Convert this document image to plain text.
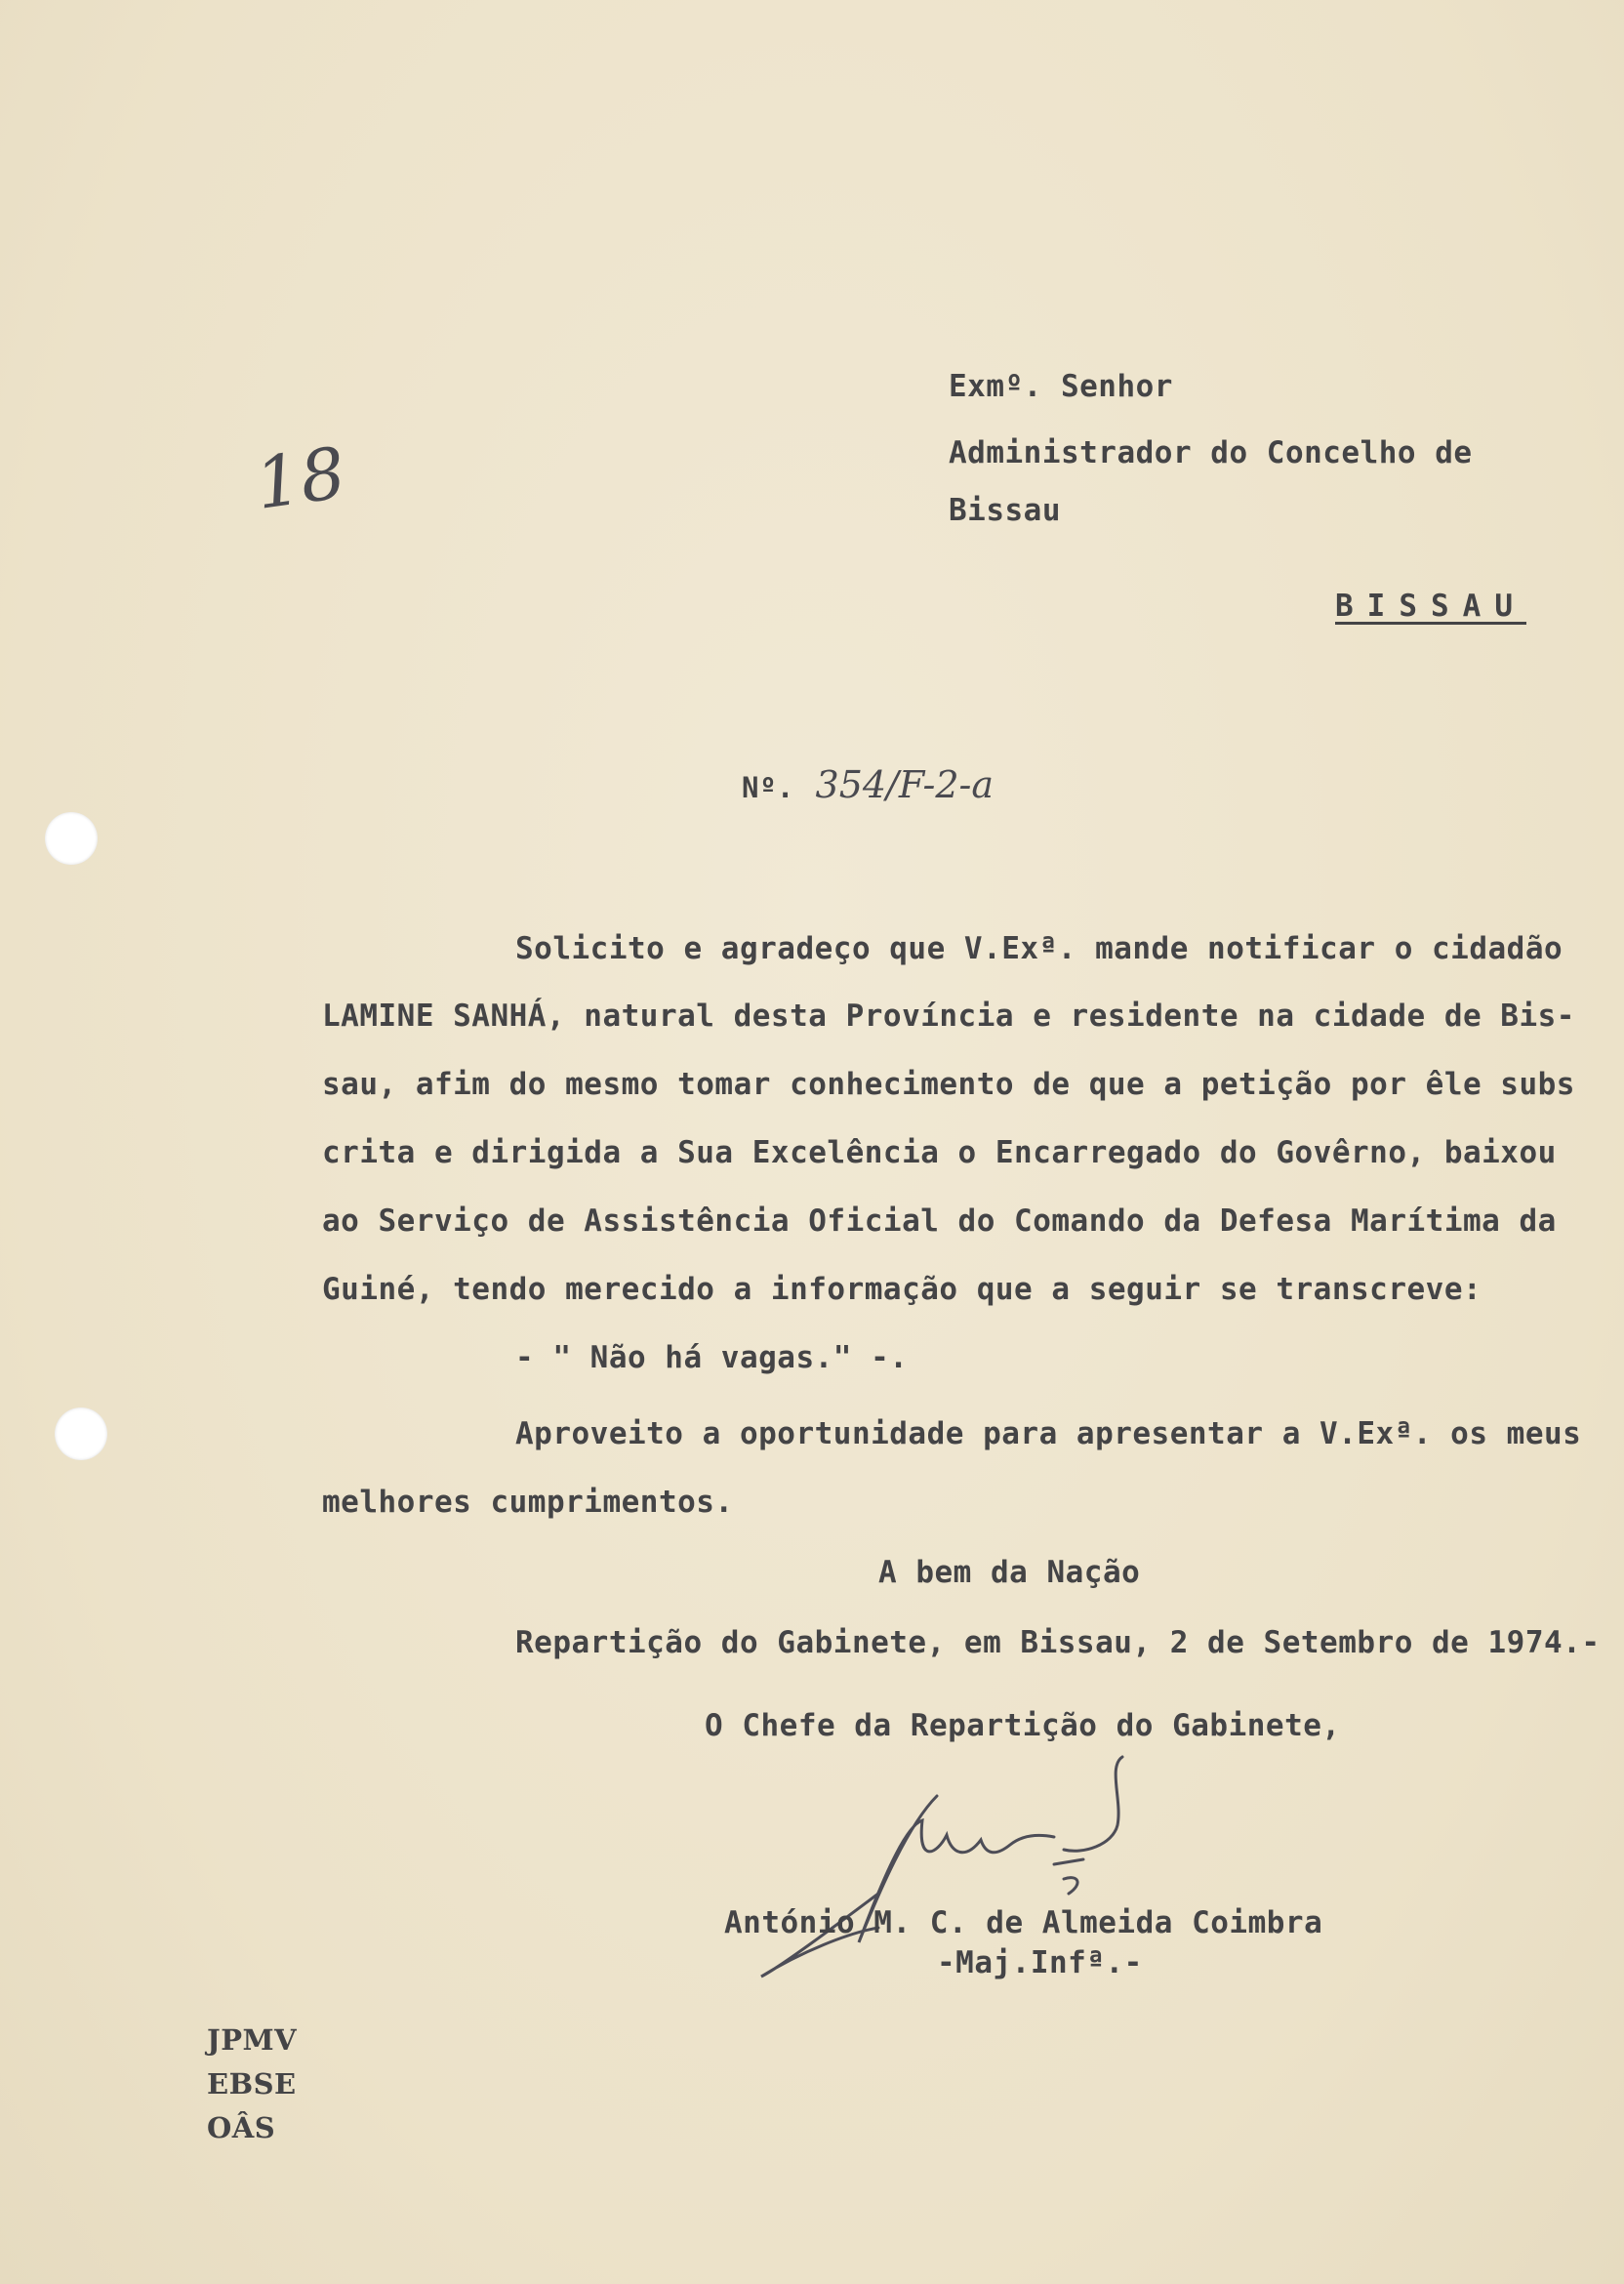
18
Exmº. Senhor
Administrador do Concelho de
Bissau
BISSAU
Nº. 354/F-2-a
Solicito e agradeço que V.Exª. mande notificar o cidadão
LAMINE SANHÁ, natural desta Província e residente na cidade de Bis-
sau, afim do mesmo tomar conhecimento de que a petição por êle subs
crita e dirigida a Sua Excelência o Encarregado do Govêrno, baixou
ao Serviço de Assistência Oficial do Comando da Defesa Marítima da
Guiné, tendo merecido a informação que a seguir se transcreve:
- " Não há vagas." -.
Aproveito a oportunidade para apresentar a V.Exª. os meus
melhores cumprimentos.
A bem da Nação
Repartição do Gabinete, em Bissau, 2 de Setembro de 1974.-
O Chefe da Repartição do Gabinete,
António M. C. de Almeida Coimbra
-Maj.Infª.-
JPMV
EBSE
OÂS
